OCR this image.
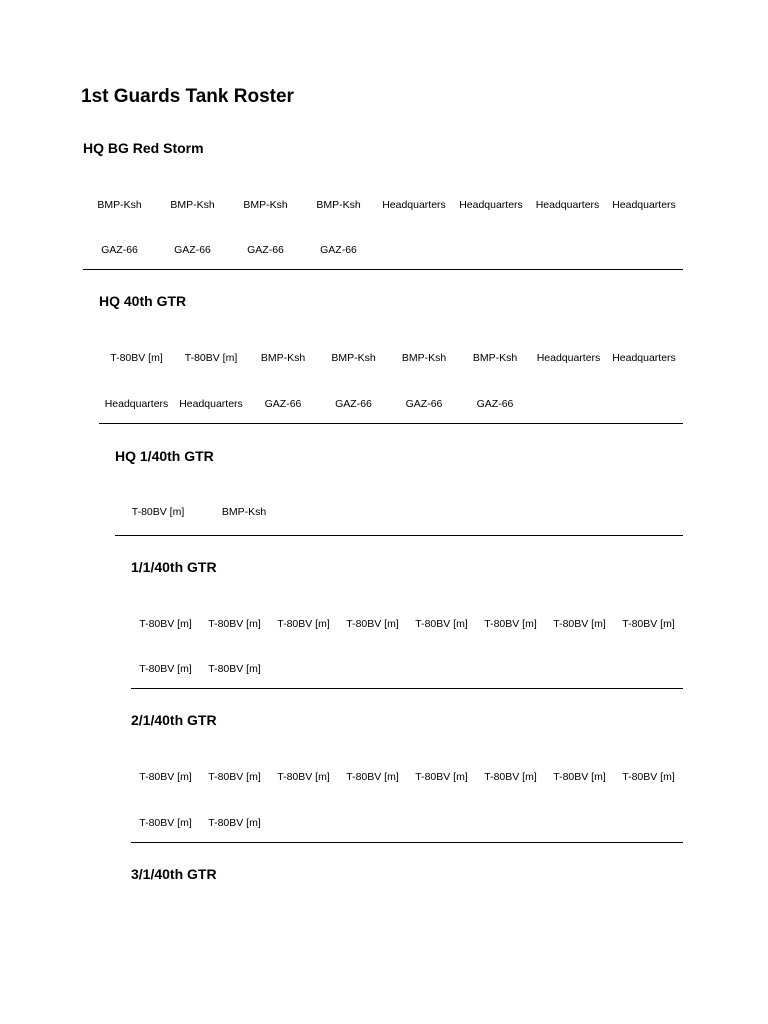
1st Guards Tank Roster
HQ BG Red Storm
BMP-Ksh	BMP-Ksh	BMP-Ksh	BMP-Ksh	Headquarters	Headquarters	Headquarters	Headquarters
GAZ-66	GAZ-66	GAZ-66	GAZ-66
HQ 40th GTR
T-80BV [m]	T-80BV [m]	BMP-Ksh	BMP-Ksh	BMP-Ksh	BMP-Ksh	Headquarters	Headquarters
Headquarters	Headquarters	GAZ-66	GAZ-66	GAZ-66	GAZ-66
HQ 1/40th GTR
T-80BV [m]	BMP-Ksh
1/1/40th GTR
T-80BV [m]	T-80BV [m]	T-80BV [m]	T-80BV [m]	T-80BV [m]	T-80BV [m]	T-80BV [m]	T-80BV [m]
T-80BV [m]	T-80BV [m]
2/1/40th GTR
T-80BV [m]	T-80BV [m]	T-80BV [m]	T-80BV [m]	T-80BV [m]	T-80BV [m]	T-80BV [m]	T-80BV [m]
T-80BV [m]	T-80BV [m]
3/1/40th GTR
